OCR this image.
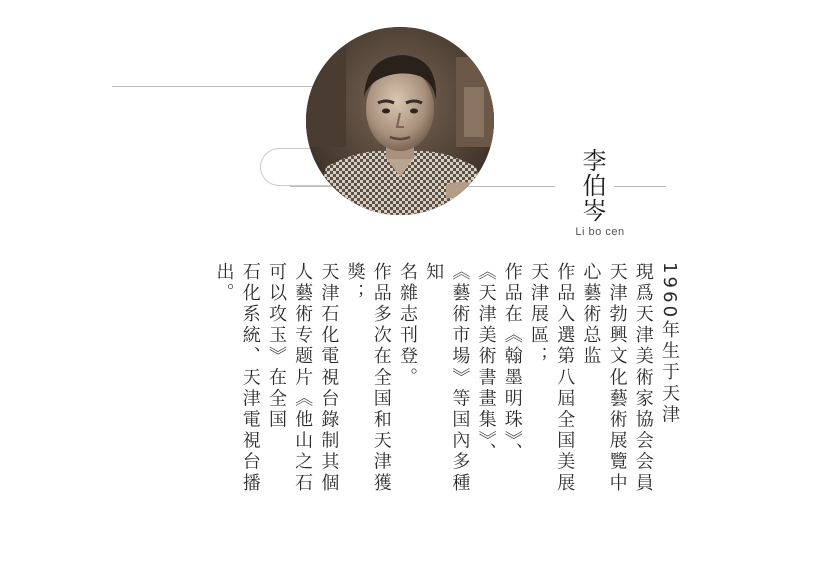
李伯岑
Li bo cen
1960年生于天津
現爲天津美術家協会会員
天津勃興文化藝術展覽中
心藝術总监
作品入選第八屆全国美展
天津展區；
作品在《翰墨明珠》、
《天津美術書畫集》、
《藝術市場》等国內多種
知
名雜志刊登。
作品多次在全国和天津獲
獎；
天津石化電視台錄制其個
人藝術专题片《他山之石
可以攻玉》在全国
石化系統、天津電視台播
出。
